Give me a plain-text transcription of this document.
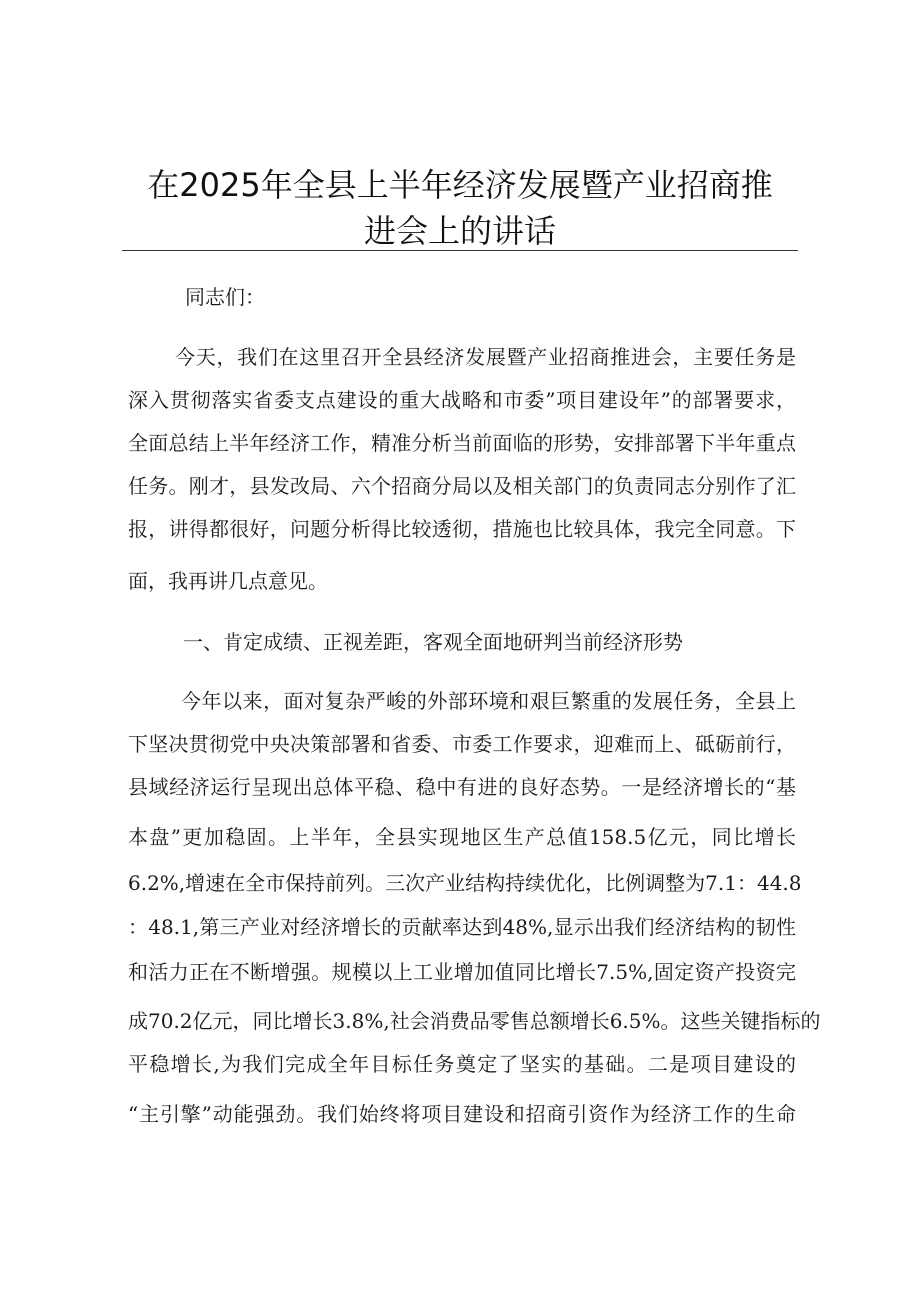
在2025年全县上半年经济发展暨产业招商推
进会上的讲话
同志们：
今天，我们在这里召开全县经济发展暨产业招商推进会，主要任务是
深入贯彻落实省委支点建设的重大战略和市委”项目建设年”的部署要求，
全面总结上半年经济工作，精准分析当前面临的形势，安排部署下半年重点
任务。刚才，县发改局、六个招商分局以及相关部门的负责同志分别作了汇
报，讲得都很好，问题分析得比较透彻，措施也比较具体，我完全同意。下
面，我再讲几点意见。
一、肯定成绩、正视差距，客观全面地研判当前经济形势
今年以来，面对复杂严峻的外部环境和艰巨繁重的发展任务，全县上
下坚决贯彻党中央决策部署和省委、市委工作要求，迎难而上、砥砺前行，
县域经济运行呈现出总体平稳、稳中有进的良好态势。一是经济增长的“基
本盘”更加稳固。上半年，全县实现地区生产总值158.5亿元，同比增长
6.2%,增速在全市保持前列。三次产业结构持续优化，比例调整为7.1：44.8
：48.1,第三产业对经济增长的贡献率达到48%,显示出我们经济结构的韧性
和活力正在不断增强。规模以上工业增加值同比增长7.5%,固定资产投资完
成70.2亿元，同比增长3.8%,社会消费品零售总额增长6.5%。这些关键指标的
平稳增长,为我们完成全年目标任务奠定了坚实的基础。二是项目建设的
“主引擎”动能强劲。我们始终将项目建设和招商引资作为经济工作的生命
